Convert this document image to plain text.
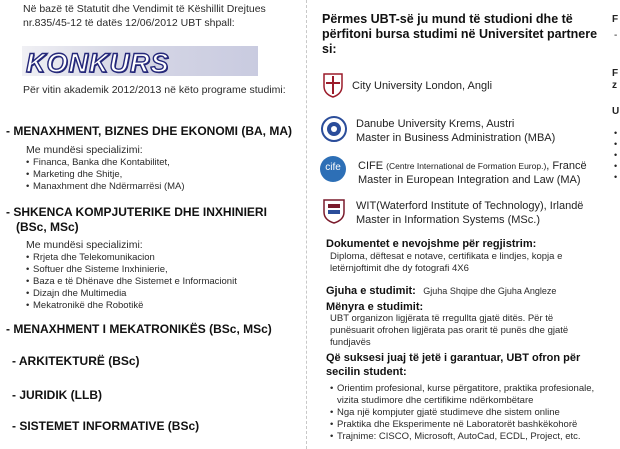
Në bazë të Statutit dhe Vendimit të Këshillit Drejtues nr.835/45-12 të datës 12/06/2012 UBT shpall:
KONKURS
Për vitin akademik 2012/2013 në këto programe studimi:
- MENAXHMENT, BIZNES DHE EKONOMI (BA, MA)
Me mundësi specializimi:
• Financa, Banka dhe Kontabilitet,
• Marketing dhe Shitje,
• Manaxhment dhe Ndërmarrësi (MA)
- SHKENCA KOMPJUTERIKE DHE INXHINIERI
(BSc, MSc)
Me mundësi specializimi:
• Rrjeta dhe Telekomunikacion
• Softuer dhe Sisteme Inxhinierie,
• Baza e të Dhënave dhe Sistemet e Informacionit
• Dizajn dhe Multimedia
• Mekatronikë dhe Robotikë
- MENAXHMENT I MEKATRONIKËS (BSc, MSc)
- ARKITEKTURË (BSc)
- JURIDIK (LLB)
- SISTEMET INFORMATIVE (BSc)
Përmes UBT-së ju mund të studioni dhe të përfitoni bursa studimi në Universitet partnere si:
City University London, Angli
Danube University Krems, Austri
Master in Business Administration (MBA)
cife	CIFE (Centre International de Formation Europ.), Francë
Master in European Integration and Law (MA)
WIT(Waterford Institute of Technology), Irlandë
Master in Information Systems (MSc.)
Dokumentet e nevojshme për regjistrim:
Diploma, dëftesat e notave, certifikata e lindjes, kopja e letërnjoftimit dhe dy fotografi 4X6
Gjuha e studimit: Gjuha Shqipe dhe Gjuha Angleze
Mënyra e studimit:
UBT organizon ligjërata të rregullta gjatë ditës. Për të punësuarit ofrohen ligjërata pas orarit të punës dhe gjatë fundjavës
Që suksesi juaj të jetë i garantuar, UBT ofron për secilin student:
• Orientim profesional, kurse përgatitore, praktika profesionale, vizita studimore dhe certifikime ndërkombëtare
• Nga një kompjuter gjatë studimeve dhe sistem online
• Praktika dhe Eksperimente në Laboratorët bashkëkohorë
• Trajnime: CISCO, Microsoft, AutoCad, ECDL, Project, etc.
F
-
F
z
U
•
•
•
•
•
